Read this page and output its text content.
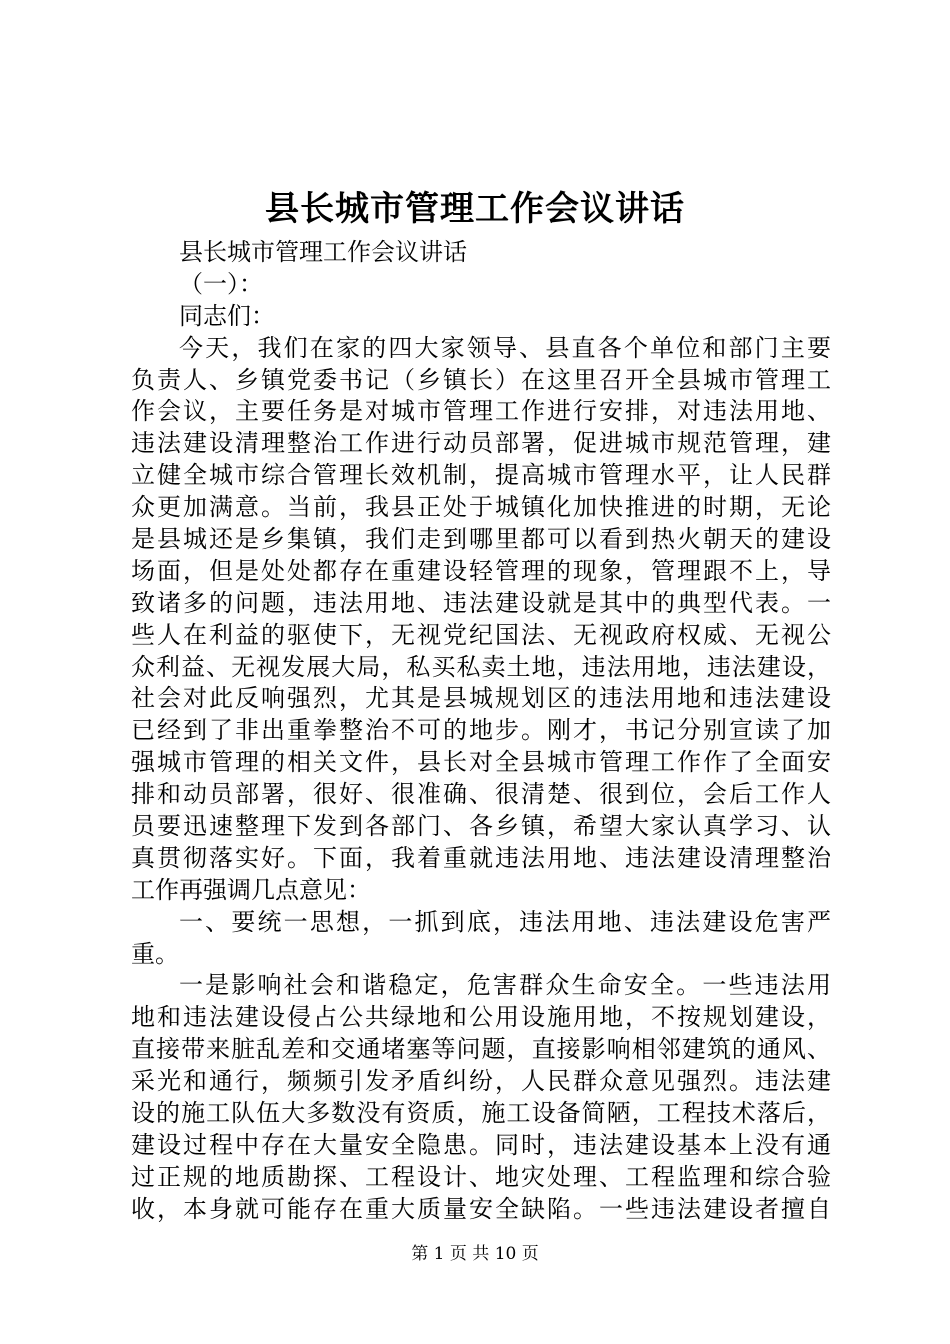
县长城市管理工作会议讲话
县长城市管理工作会议讲话
（一）：
同志们：
今天，我们在家的四大家领导、县直各个单位和部门主要
负责人、乡镇党委书记（乡镇长）在这里召开全县城市管理工
作会议，主要任务是对城市管理工作进行安排，对违法用地、
违法建设清理整治工作进行动员部署，促进城市规范管理，建
立健全城市综合管理长效机制，提高城市管理水平，让人民群
众更加满意。当前，我县正处于城镇化加快推进的时期，无论
是县城还是乡集镇，我们走到哪里都可以看到热火朝天的建设
场面，但是处处都存在重建设轻管理的现象，管理跟不上，导
致诸多的问题，违法用地、违法建设就是其中的典型代表。一
些人在利益的驱使下，无视党纪国法、无视政府权威、无视公
众利益、无视发展大局，私买私卖土地，违法用地，违法建设，
社会对此反响强烈，尤其是县城规划区的违法用地和违法建设
已经到了非出重拳整治不可的地步。刚才，书记分别宣读了加
强城市管理的相关文件，县长对全县城市管理工作作了全面安
排和动员部署，很好、很准确、很清楚、很到位，会后工作人
员要迅速整理下发到各部门、各乡镇，希望大家认真学习、认
真贯彻落实好。下面，我着重就违法用地、违法建设清理整治
工作再强调几点意见：
一、要统一思想，一抓到底，违法用地、违法建设危害严
重。
一是影响社会和谐稳定，危害群众生命安全。一些违法用
地和违法建设侵占公共绿地和公用设施用地，不按规划建设，
直接带来脏乱差和交通堵塞等问题，直接影响相邻建筑的通风、
采光和通行，频频引发矛盾纠纷，人民群众意见强烈。违法建
设的施工队伍大多数没有资质，施工设备简陋，工程技术落后，
建设过程中存在大量安全隐患。同时，违法建设基本上没有通
过正规的地质勘探、工程设计、地灾处理、工程监理和综合验
收，本身就可能存在重大质量安全缺陷。一些违法建设者擅自
第 1 页 共 10 页
